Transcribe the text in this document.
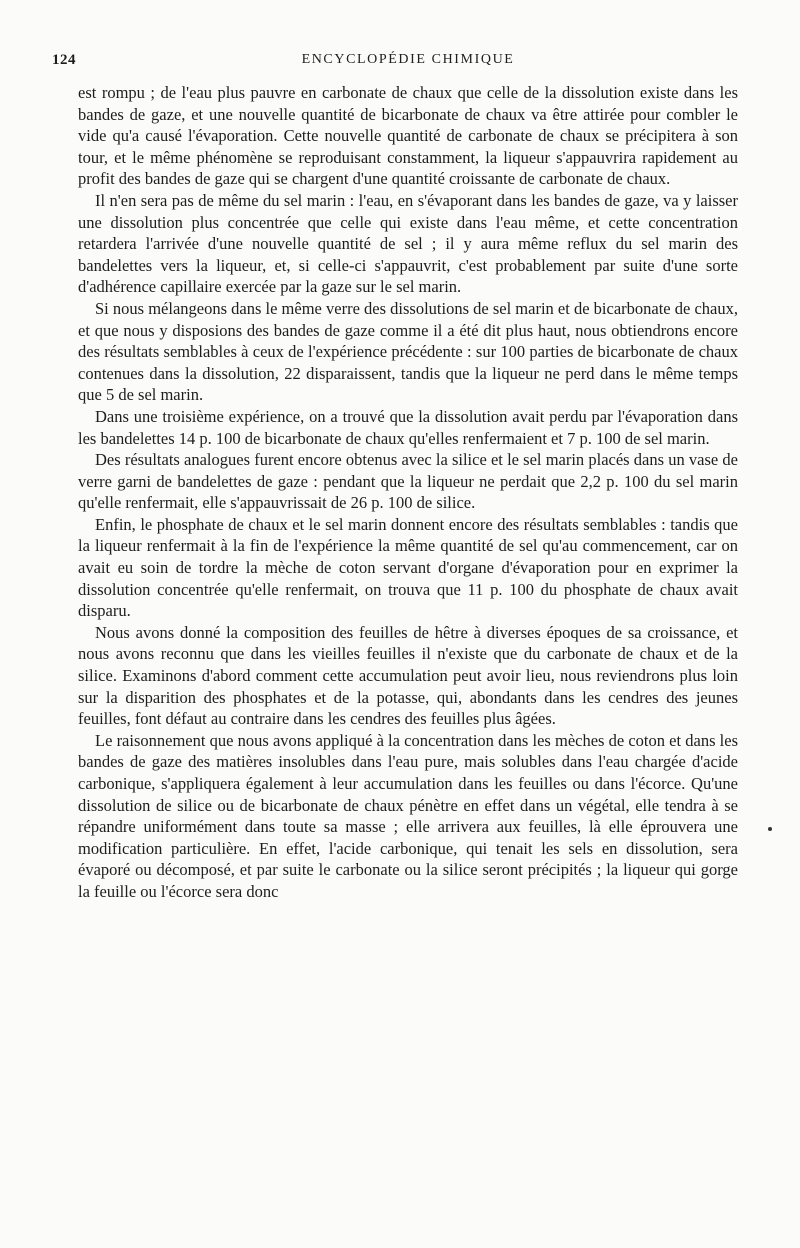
124	ENCYCLOPÉDIE CHIMIQUE

est rompu ; de l'eau plus pauvre en carbonate de chaux que celle de la dissolution existe dans les bandes de gaze, et une nouvelle quantité de bicarbonate de chaux va être attirée pour combler le vide qu'a causé l'évaporation. Cette nouvelle quantité de carbonate de chaux se précipitera à son tour, et le même phénomène se reproduisant constamment, la liqueur s'appauvrira rapidement au profit des bandes de gaze qui se chargent d'une quantité croissante de carbonate de chaux.

Il n'en sera pas de même du sel marin : l'eau, en s'évaporant dans les bandes de gaze, va y laisser une dissolution plus concentrée que celle qui existe dans l'eau même, et cette concentration retardera l'arrivée d'une nouvelle quantité de sel ; il y aura même reflux du sel marin des bandelettes vers la liqueur, et, si celle-ci s'appauvrit, c'est probablement par suite d'une sorte d'adhérence capillaire exercée par la gaze sur le sel marin.

Si nous mélangeons dans le même verre des dissolutions de sel marin et de bicarbonate de chaux, et que nous y disposions des bandes de gaze comme il a été dit plus haut, nous obtiendrons encore des résultats semblables à ceux de l'expérience précédente : sur 100 parties de bicarbonate de chaux contenues dans la dissolution, 22 disparaissent, tandis que la liqueur ne perd dans le même temps que 5 de sel marin.

Dans une troisième expérience, on a trouvé que la dissolution avait perdu par l'évaporation dans les bandelettes 14 p. 100 de bicarbonate de chaux qu'elles renfermaient et 7 p. 100 de sel marin.

Des résultats analogues furent encore obtenus avec la silice et le sel marin placés dans un vase de verre garni de bandelettes de gaze : pendant que la liqueur ne perdait que 2,2 p. 100 du sel marin qu'elle renfermait, elle s'appauvrissait de 26 p. 100 de silice.

Enfin, le phosphate de chaux et le sel marin donnent encore des résultats semblables : tandis que la liqueur renfermait à la fin de l'expérience la même quantité de sel qu'au commencement, car on avait eu soin de tordre la mèche de coton servant d'organe d'évaporation pour en exprimer la dissolution concentrée qu'elle renfermait, on trouva que 11 p. 100 du phosphate de chaux avait disparu.

Nous avons donné la composition des feuilles de hêtre à diverses époques de sa croissance, et nous avons reconnu que dans les vieilles feuilles il n'existe que du carbonate de chaux et de la silice. Examinons d'abord comment cette accumulation peut avoir lieu, nous reviendrons plus loin sur la disparition des phosphates et de la potasse, qui, abondants dans les cendres des jeunes feuilles, font défaut au contraire dans les cendres des feuilles plus âgées.

Le raisonnement que nous avons appliqué à la concentration dans les mèches de coton et dans les bandes de gaze des matières insolubles dans l'eau pure, mais solubles dans l'eau chargée d'acide carbonique, s'appliquera également à leur accumulation dans les feuilles ou dans l'écorce. Qu'une dissolution de silice ou de bicarbonate de chaux pénètre en effet dans un végétal, elle tendra à se répandre uniformément dans toute sa masse ; elle arrivera aux feuilles, là elle éprouvera une modification particulière. En effet, l'acide carbonique, qui tenait les sels en dissolution, sera évaporé ou décomposé, et par suite le carbonate ou la silice seront précipités ; la liqueur qui gorge la feuille ou l'écorce sera donc
